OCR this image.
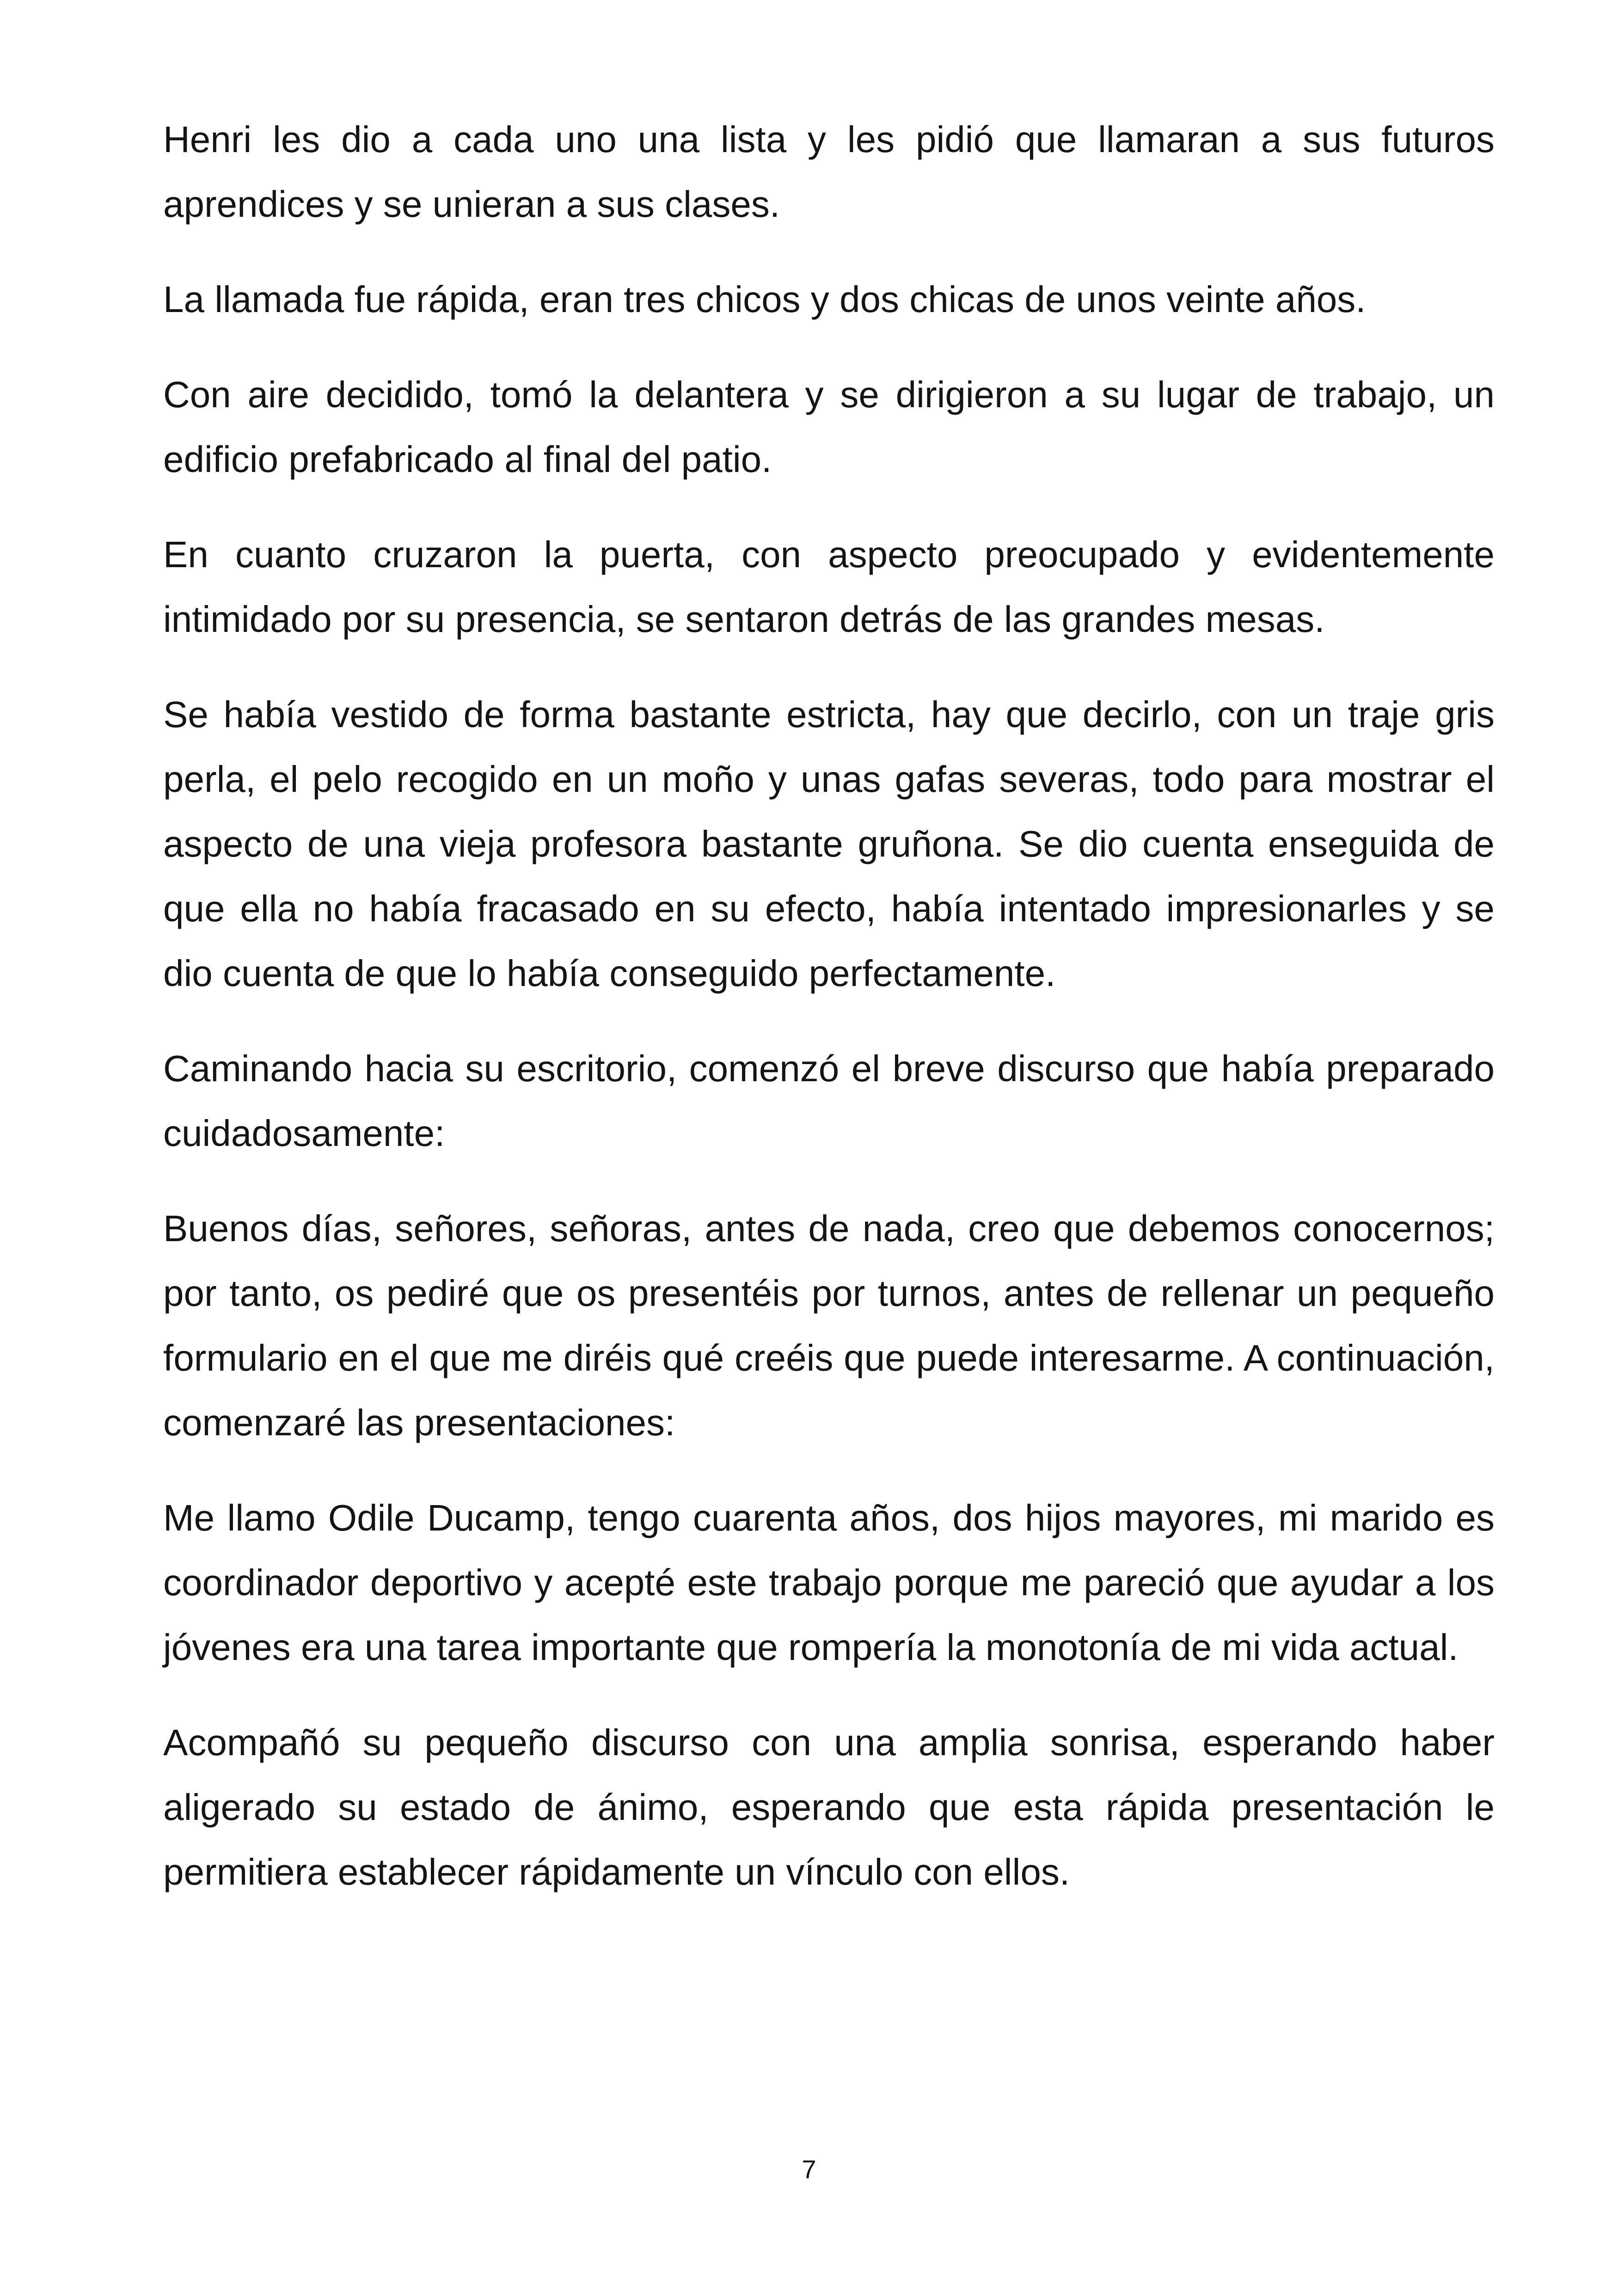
Henri les dio a cada uno una lista y les pidió que llamaran a sus futuros aprendices y se unieran a sus clases.

La llamada fue rápida, eran tres chicos y dos chicas de unos veinte años.

Con aire decidido, tomó la delantera y se dirigieron a su lugar de trabajo, un edificio prefabricado al final del patio.

En cuanto cruzaron la puerta, con aspecto preocupado y evidentemente intimidado por su presencia, se sentaron detrás de las grandes mesas.

Se había vestido de forma bastante estricta, hay que decirlo, con un traje gris perla, el pelo recogido en un moño y unas gafas severas, todo para mostrar el aspecto de una vieja profesora bastante gruñona. Se dio cuenta enseguida de que ella no había fracasado en su efecto, había intentado impresionarles y se dio cuenta de que lo había conseguido perfectamente.

Caminando hacia su escritorio, comenzó el breve discurso que había preparado cuidadosamente:

Buenos días, señores, señoras, antes de nada, creo que debemos conocernos; por tanto, os pediré que os presentéis por turnos, antes de rellenar un pequeño formulario en el que me diréis qué creéis que puede interesarme. A continuación, comenzaré las presentaciones:

Me llamo Odile Ducamp, tengo cuarenta años, dos hijos mayores, mi marido es coordinador deportivo y acepté este trabajo porque me pareció que ayudar a los jóvenes era una tarea importante que rompería la monotonía de mi vida actual.

Acompañó su pequeño discurso con una amplia sonrisa, esperando haber aligerado su estado de ánimo, esperando que esta rápida presentación le permitiera establecer rápidamente un vínculo con ellos.

7
